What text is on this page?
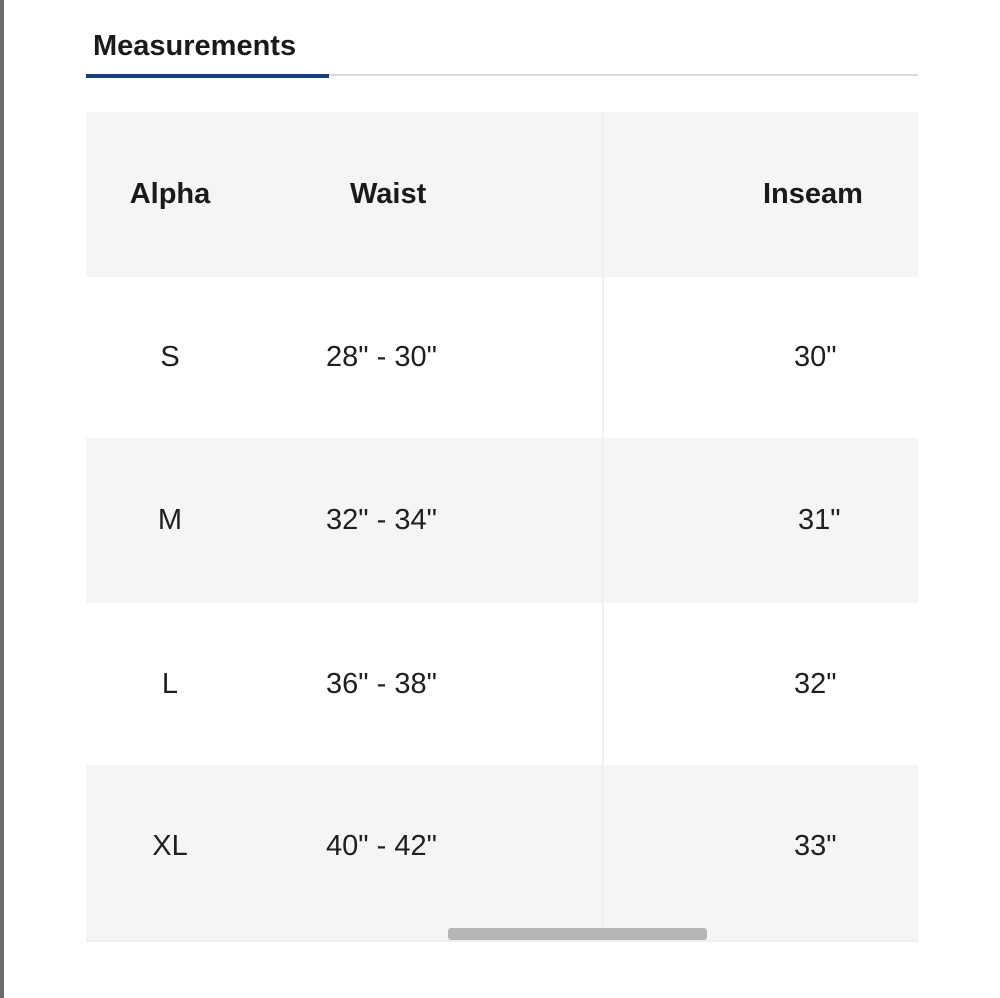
Measurements
Alpha	Waist	Inseam
S	28" - 30"	30"
M	32" - 34"	31"
L	36" - 38"	32"
XL	40" - 42"	33"
